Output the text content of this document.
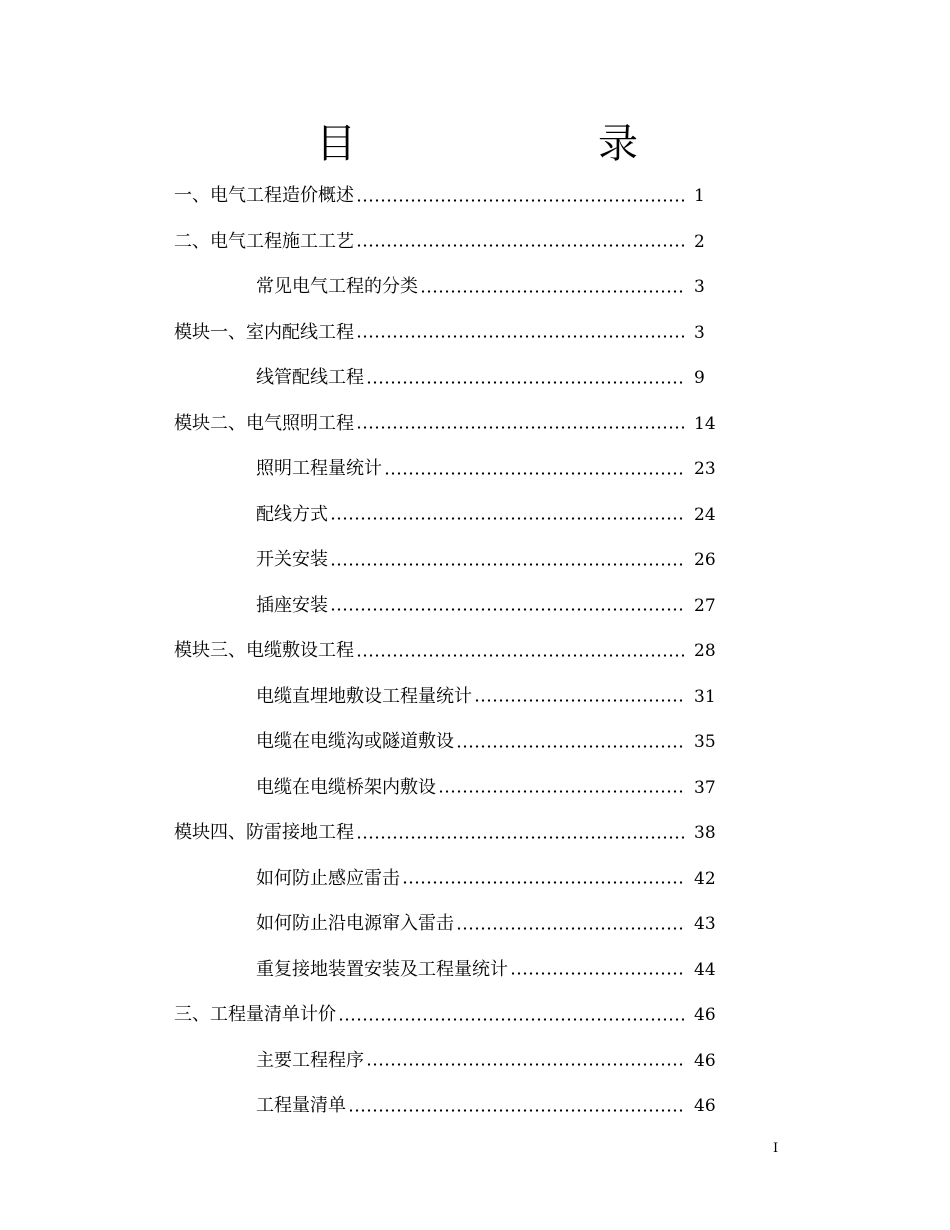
目	录
一、电气工程造价概述	1
二、电气工程施工工艺	2
常见电气工程的分类	3
模块一、室内配线工程	3
线管配线工程	9
模块二、电气照明工程	14
照明工程量统计	23
配线方式	24
开关安装	26
插座安装	27
模块三、电缆敷设工程	28
电缆直埋地敷设工程量统计	31
电缆在电缆沟或隧道敷设	35
电缆在电缆桥架内敷设	37
模块四、防雷接地工程	38
如何防止感应雷击	42
如何防止沿电源窜入雷击	43
重复接地装置安装及工程量统计	44
三、工程量清单计价	46
主要工程程序	46
工程量清单	46
I
